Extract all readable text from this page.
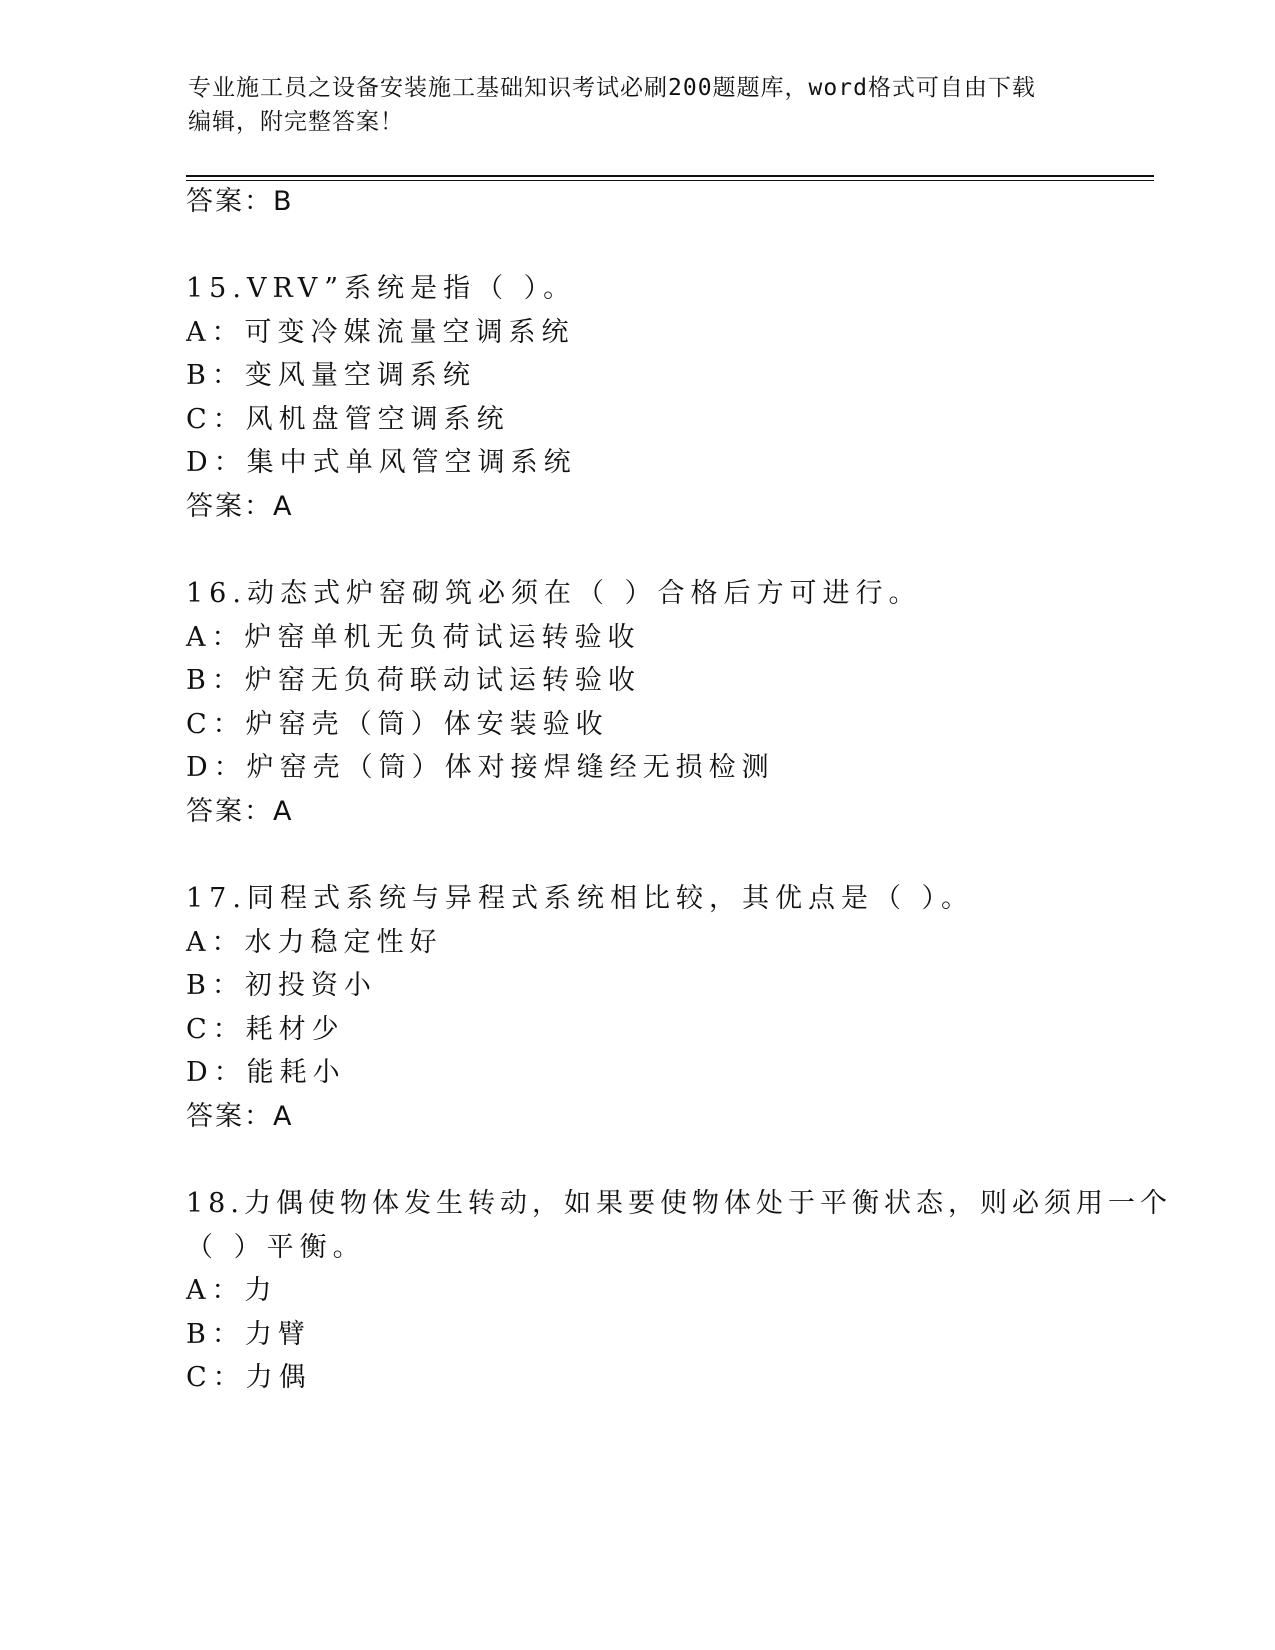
专业施工员之设备安装施工基础知识考试必刷200题题库，word格式可自由下载
编辑，附完整答案！
答案：B
15.VRV”系统是指（ ）。
A：可变冷媒流量空调系统
B：变风量空调系统
C：风机盘管空调系统
D：集中式单风管空调系统
答案：A
16.动态式炉窑砌筑必须在（ ）合格后方可进行。
A：炉窑单机无负荷试运转验收
B：炉窑无负荷联动试运转验收
C：炉窑壳（筒）体安装验收
D：炉窑壳（筒）体对接焊缝经无损检测
答案：A
17.同程式系统与异程式系统相比较，其优点是（ ）。
A：水力稳定性好
B：初投资小
C：耗材少
D：能耗小
答案：A
18.力偶使物体发生转动，如果要使物体处于平衡状态，则必须用一个
（ ）平衡。
A：力
B：力臂
C：力偶
